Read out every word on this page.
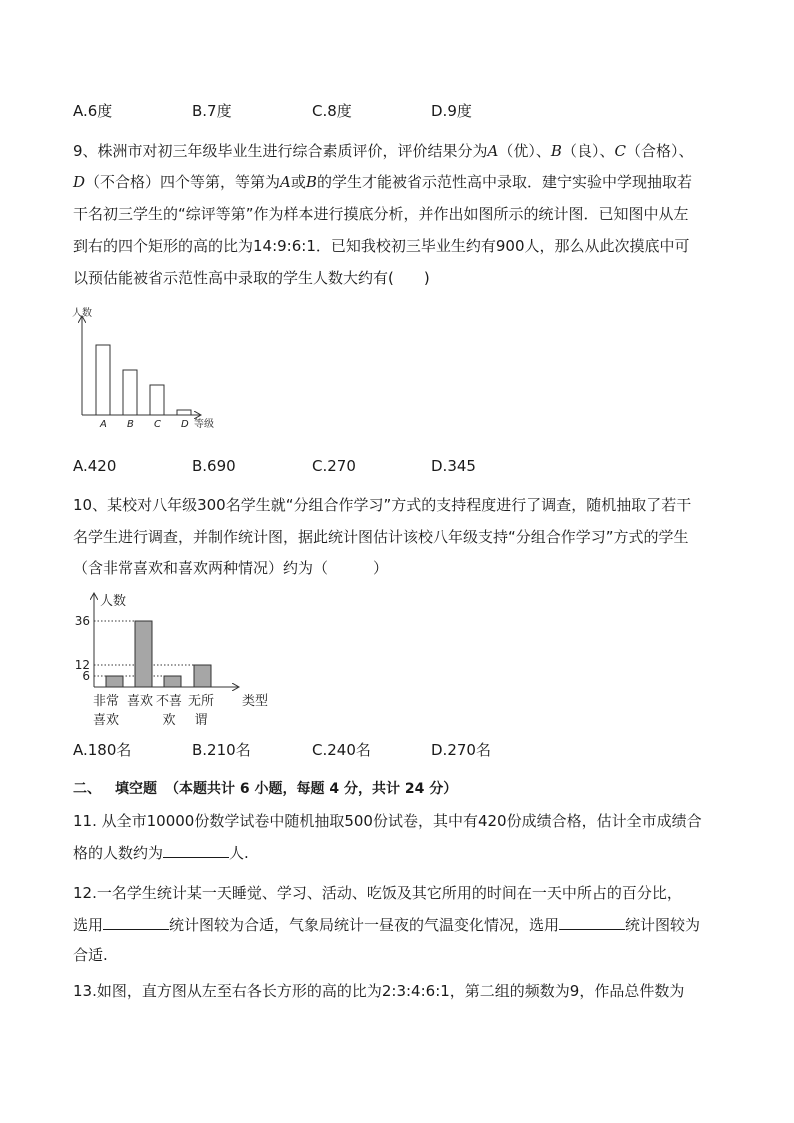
A.6度	B.7度	C.8度	D.9度
9、株洲市对初三年级毕业生进行综合素质评价，评价结果分为A（优）、B（良）、C（合格）、
D（不合格）四个等第，等第为A或B的学生才能被省示范性高中录取．建宁实验中学现抽取若
干名初三学生的“综评等第”作为样本进行摸底分析，并作出如图所示的统计图．已知图中从左
到右的四个矩形的高的比为14:9:6:1．已知我校初三毕业生约有900人，那么从此次摸底中可
以预估能被省示范性高中录取的学生人数大约有(　　)
人数
等级
A B C D
A.420	B.690	C.270	D.345
10、某校对八年级300名学生就“分组合作学习”方式的支持程度进行了调查，随机抽取了若干
名学生进行调查，并制作统计图，据此统计图估计该校八年级支持“分组合作学习”方式的学生
（含非常喜欢和喜欢两种情况）约为（　　　）
人数
类型
6
12
36
非常
喜欢
喜欢 不喜
欢
无所
谓
A.180名	B.210名	C.240名	D.270名
二、 填空题 （本题共计 6 小题，每题 4 分，共计 24 分）
11. 从全市10000份数学试卷中随机抽取500份试卷，其中有420份成绩合格，估计全市成绩合
格的人数约为	人.
12.一名学生统计某一天睡觉、学习、活动、吃饭及其它所用的时间在一天中所占的百分比，
选用	统计图较为合适，气象局统计一昼夜的气温变化情况，选用	统计图较为
合适.
13.如图，直方图从左至右各长方形的高的比为2:3:4:6:1，第二组的频数为9，作品总件数为
